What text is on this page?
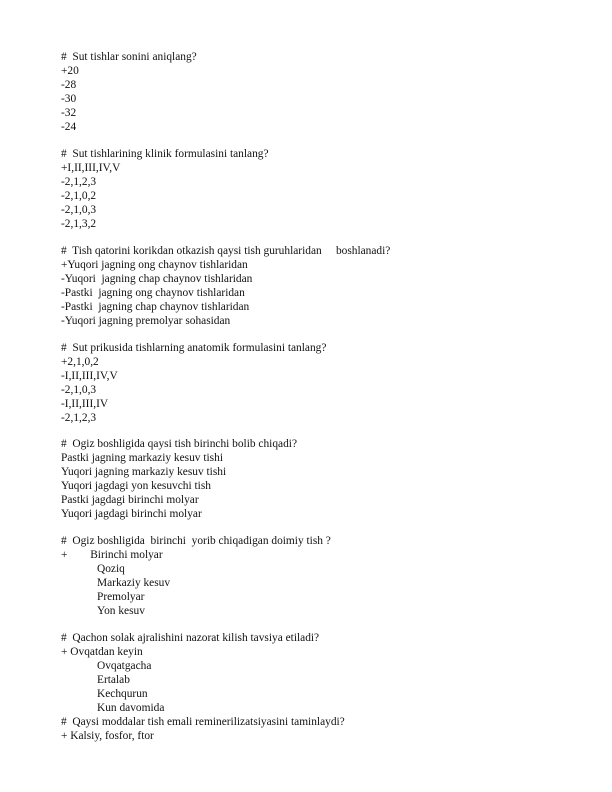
#  Sut tishlar sonini aniqlang?
+20
-28
-30
-32
-24
#  Sut tishlarining klinik formulasini tanlang?
+I,II,III,IV,V
-2,1,2,3
-2,1,0,2
-2,1,0,3
-2,1,3,2
#  Tish qatorini korikdan otkazish qaysi tish guruhlaridan     boshlanadi?
+Yuqori jagning ong chaynov tishlaridan
-Yuqori  jagning chap chaynov tishlaridan
-Pastki  jagning ong chaynov tishlaridan
-Pastki  jagning chap chaynov tishlaridan
-Yuqori jagning premolyar sohasidan
#  Sut prikusida tishlarning anatomik formulasini tanlang?
+2,1,0,2
-I,II,III,IV,V
-2,1,0,3
-I,II,III,IV
-2,1,2,3
#  Ogiz boshligida qaysi tish birinchi bolib chiqadi?
Pastki jagning markaziy kesuv tishi
Yuqori jagning markaziy kesuv tishi
Yuqori jagdagi yon kesuvchi tish
Pastki jagdagi birinchi molyar
Yuqori jagdagi birinchi molyar
#  Ogiz boshligida  birinchi  yorib chiqadigan doimiy tish ?
+        Birinchi molyar
Qoziq
Markaziy kesuv
Premolyar
Yon kesuv
#  Qachon solak ajralishini nazorat kilish tavsiya etiladi?
+ Ovqatdan keyin
Ovqatgacha
Ertalab
Kechqurun
Kun davomida
#  Qaysi moddalar tish emali reminerilizatsiyasini taminlaydi?
+ Kalsiy, fosfor, ftor
